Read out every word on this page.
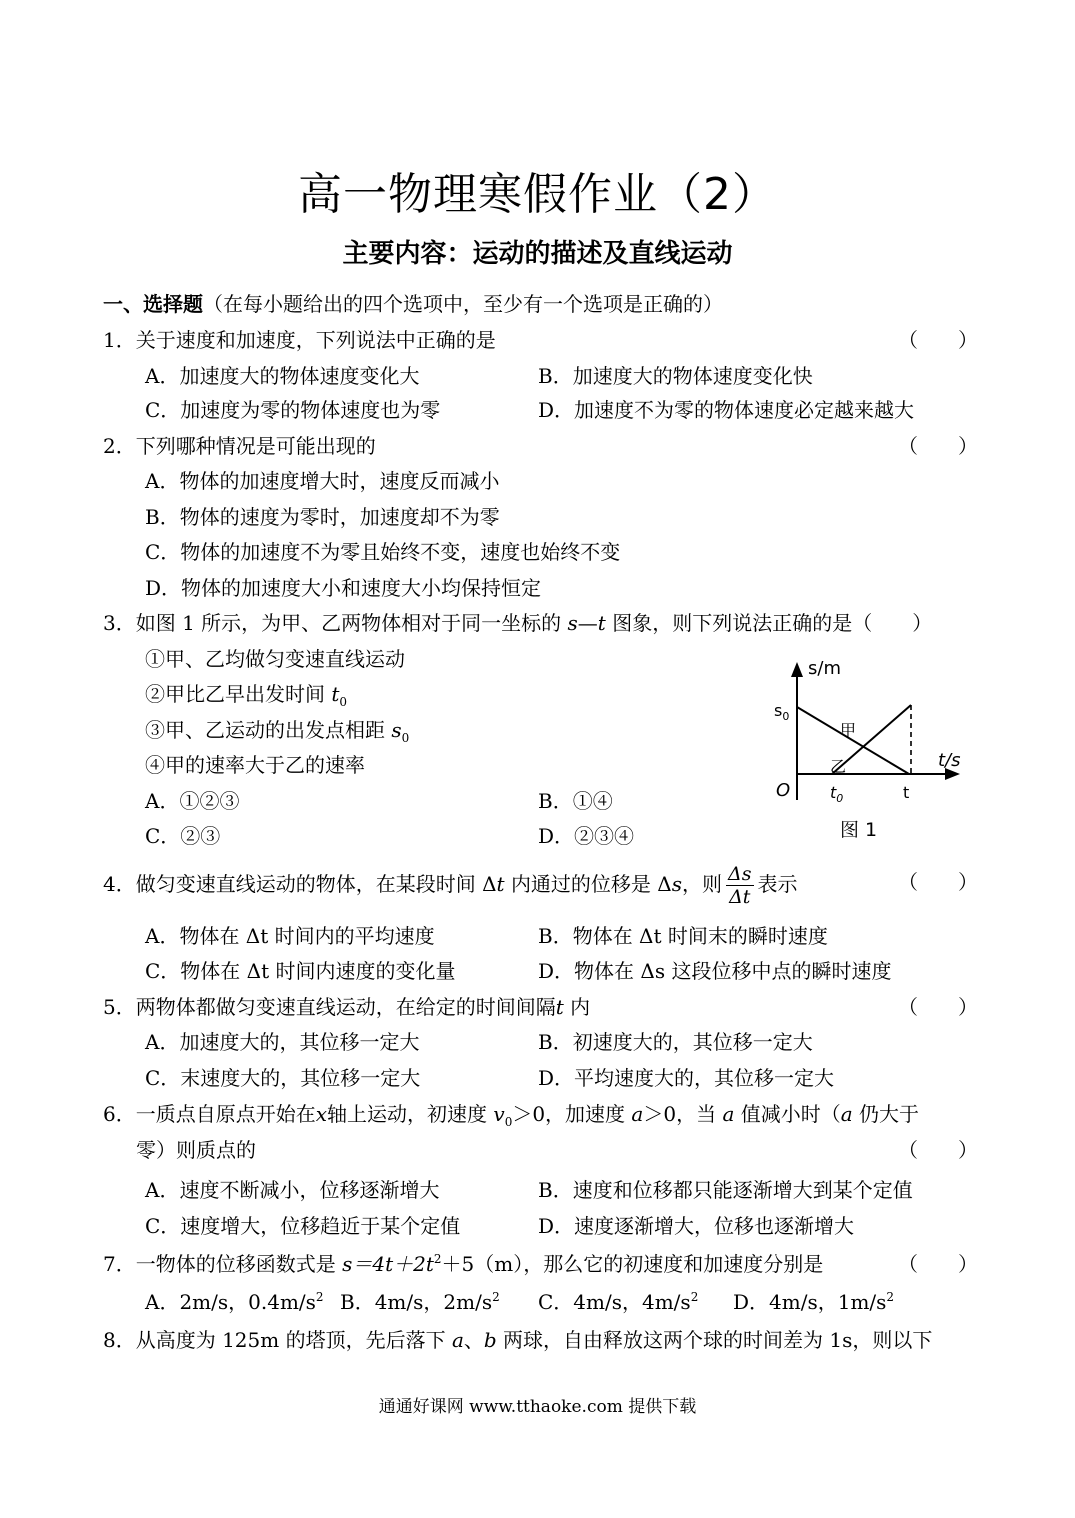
高一物理寒假作业（2）
主要内容：运动的描述及直线运动
一、选择题（在每小题给出的四个选项中，至少有一个选项是正确的）
1．关于速度和加速度，下列说法中正确的是	（　　）
A．加速度大的物体速度变化大	B．加速度大的物体速度变化快
C．加速度为零的物体速度也为零	D．加速度不为零的物体速度必定越来越大
2．下列哪种情况是可能出现的	（　　）
A．物体的加速度增大时，速度反而减小
B．物体的速度为零时，加速度却不为零
C．物体的加速度不为零且始终不变，速度也始终不变
D．物体的加速度大小和速度大小均保持恒定
3．如图 1 所示，为甲、乙两物体相对于同一坐标的 s—t 图象，则下列说法正确的是（　　）
①甲、乙均做匀变速直线运动
②甲比乙早出发时间 $t_0$
③甲、乙运动的出发点相距 $s_0$
④甲的速率大于乙的速率
A．①②③	B．①④
C．②③	D．②③④
s/m
$s_0$
甲
乙	t/s
O $t_0$	t
图 1
4．做匀变速直线运动的物体，在某段时间 Δt 内通过的位移是 Δs，则 $\frac{\Delta s}{\Delta t}$ 表示	（　　）
A．物体在 Δt 时间内的平均速度	B．物体在 Δt 时间末的瞬时速度
C．物体在 Δt 时间内速度的变化量	D．物体在 Δs 这段位移中点的瞬时速度
5．两物体都做匀变速直线运动，在给定的时间间隔t 内	（　　）
A．加速度大的，其位移一定大	B．初速度大的，其位移一定大
C．末速度大的，其位移一定大	D．平均速度大的，其位移一定大
6．一质点自原点开始在x轴上运动，初速度 $v_0>0$，加速度 a＞0，当 a 值减小时（a 仍大于
零）则质点的	（　　）
A．速度不断减小，位移逐渐增大	B．速度和位移都只能逐渐增大到某个定值
C．速度增大，位移趋近于某个定值	D．速度逐渐增大，位移也逐渐增大
7．一物体的位移函数式是 $s=4t+2t^2+5(m)$，那么它的初速度和加速度分别是	（　　）
A．2m/s，$0.4m/s^2$ B．4m/s，$2m/s^2$ C．4m/s，$4m/s^2$ D．4m/s，$1m/s^2$
8．从高度为 125m 的塔顶，先后落下 a、b 两球，自由释放这两个球的时间差为 1s，则以下
通通好课网 www.tthaoke.com 提供下载
